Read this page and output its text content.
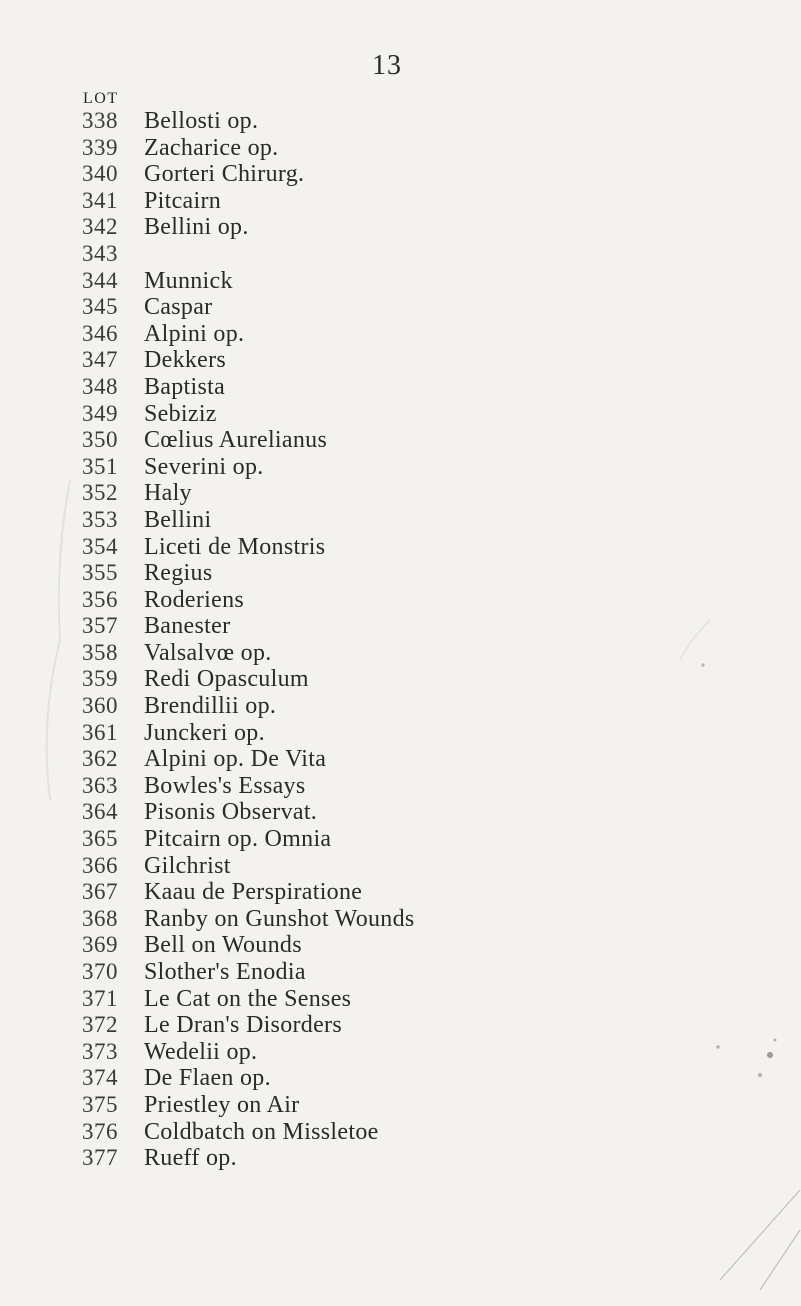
13
LOT
338	Bellosti op.
339	Zacharice op.
340	Gorteri Chirurg.
341	Pitcairn
342	Bellini op.
343
344	Munnick
345	Caspar
346	Alpini op.
347	Dekkers
348	Baptista
349	Sebiziz
350	Cœlius Aurelianus
351	Severini op.
352	Haly
353	Bellini
354	Liceti de Monstris
355	Regius
356	Roderiens
357	Banester
358	Valsalvœ op.
359	Redi Opasculum
360	Brendillii op.
361	Junckeri op.
362	Alpini op. De Vita
363	Bowles's Essays
364	Pisonis Observat.
365	Pitcairn op. Omnia
366	Gilchrist
367	Kaau de Perspiratione
368	Ranby on Gunshot Wounds
369	Bell on Wounds
370	Slother's Enodia
371	Le Cat on the Senses
372	Le Dran's Disorders
373	Wedelii op.
374	De Flaen op.
375	Priestley on Air
376	Coldbatch on Missletoe
377	Rueff op.
